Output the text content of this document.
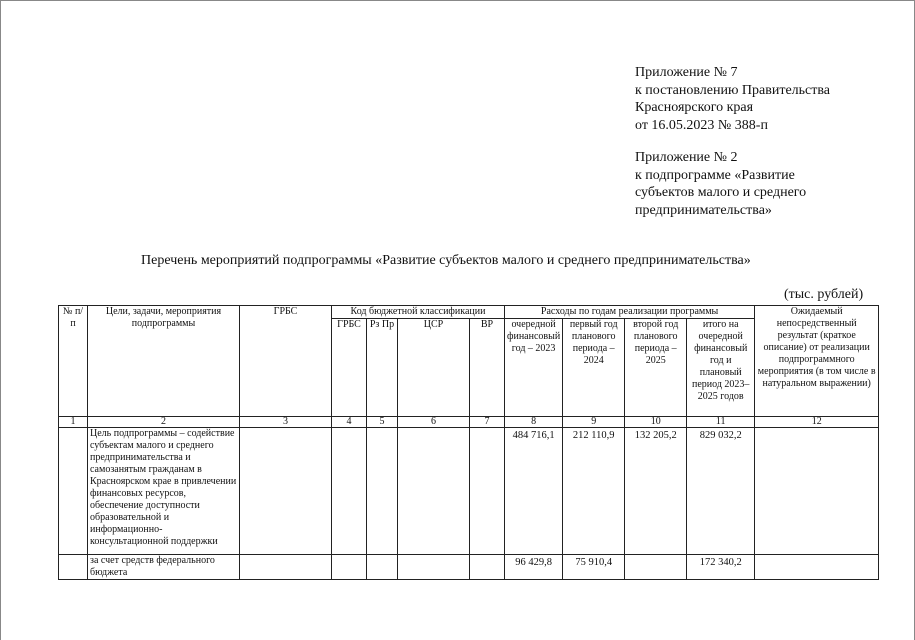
Приложение № 7
к постановлению Правительства
Красноярского края
от 16.05.2023 № 388-п
Приложение № 2
к подпрограмме «Развитие
субъектов малого и среднего
предпринимательства»
Перечень мероприятий подпрограммы «Развитие субъектов малого и среднего предпринимательства»
(тыс. рублей)
№ п/п	Цели, задачи, мероприятия подпрограммы	ГРБС	Код бюджетной классификации				Расходы по годам реализации программы				Ожидаемый непосредственный результат (краткое описание) от реализации подпрограммного мероприятия (в том числе в натуральном выражении)
			ГРБС	Рз Пр	ЦСР	ВР	очередной финансовый год – 2023	первый год планового периода – 2024	второй год планового периода – 2025	итого на очередной финансовый год и плановый период 2023–2025 годов	
1	2	3	4	5	6	7	8	9	10	11	12
	Цель подпрограммы – содействие субъектам малого и среднего предпринимательства и самозанятым гражданам в Красноярском крае в привлечении финансовых ресурсов, обеспечение доступности образовательной и информационно-консультационной поддержки						484 716,1	212 110,9	132 205,2	829 032,2	
	за счет средств федерального бюджета						96 429,8	75 910,4		172 340,2	
